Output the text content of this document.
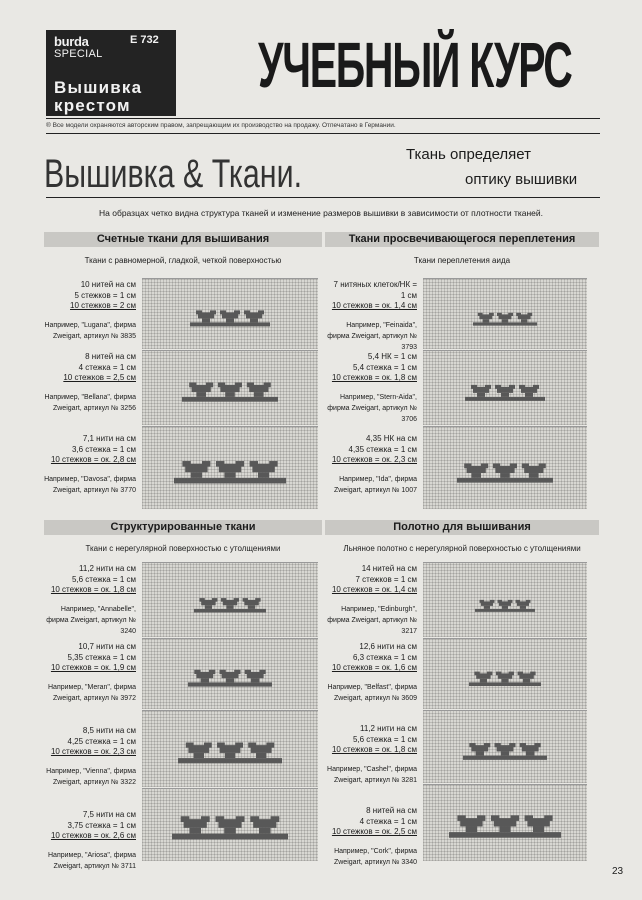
burda
SPECIAL
E 732
Вышивка
крестом
УЧЕБНЫЙ КУРС
® Все модели охраняются авторским правом, запрещающим их производство на продажу. Отпечатано в Германии.
Вышивка & Ткани.	Ткань определяет
оптику вышивки
На образцах четко видна структура тканей и изменение размеров вышивки в зависимости от плотности тканей.
Счетные ткани для вышивания
Ткани с равномерной, гладкой, четкой поверхностью
10 нитей на см
5 стежков = 1 см
10 стежков = 2 см
Например, "Lugana", фирма Zweigart, артикул № 3835
8 нитей на см
4 стежка = 1 см
10 стежков = 2,5 см
Например, "Bellana", фирма Zweigart, артикул № 3256
7,1 нити на см
3,6 стежка = 1 см
10 стежков = ок. 2,8 см
Например, "Davosa", фирма Zweigart, артикул № 3770
Ткани просвечивающегося переплетения
Ткани переплетения аида
7 нитяных клеток/НК =
1 см
10 стежков = ок. 1,4 см
Например, "Feinaida", фирма Zweigart, артикул № 3793
5,4 НК = 1 см
5,4 стежка = 1 см
10 стежков = ок. 1,8 см
Например, "Stern-Aida", фирма Zweigart, артикул № 3706
4,35 НК на см
4,35 стежка = 1 см
10 стежков = ок. 2,3 см
Например, "Ida", фирма Zweigart, артикул № 1007
Структурированные ткани
Ткани с нерегулярной поверхностью с утолщениями
11,2 нити на см
5,6 стежка = 1 см
10 стежков = ок. 1,8 см
Например, "Annabelle", фирма Zweigart, артикул № 3240
10,7 нити на см
5,35 стежка = 1 см
10 стежков = ок. 1,9 см
Например, "Meran", фирма Zweigart, артикул № 3972
8,5 нити на см
4,25 стежка = 1 см
10 стежков = ок. 2,3 см
Например, "Vienna", фирма Zweigart, артикул № 3322
7,5 нити на см
3,75 стежка = 1 см
10 стежков = ок. 2,6 см
Например, "Ariosa", фирма Zweigart, артикул № 3711
Полотно для вышивания
Льняное полотно с нерегулярной поверхностью с утолщениями
14 нитей на см
7 стежков = 1 см
10 стежков = ок. 1,4 см
Например, "Edinburgh", фирма Zweigart, артикул № 3217
12,6 нити на см
6,3 стежка = 1 см
10 стежков = ок. 1,6 см
Например, "Belfast", фирма Zweigart, артикул № 3609
11,2 нити на см
5,6 стежка = 1 см
10 стежков = ок. 1,8 см
Например, "Cashel", фирма Zweigart, артикул № 3281
8 нитей на см
4 стежка = 1 см
10 стежков = ок. 2,5 см
Например, "Cork", фирма Zweigart, артикул № 3340
23
